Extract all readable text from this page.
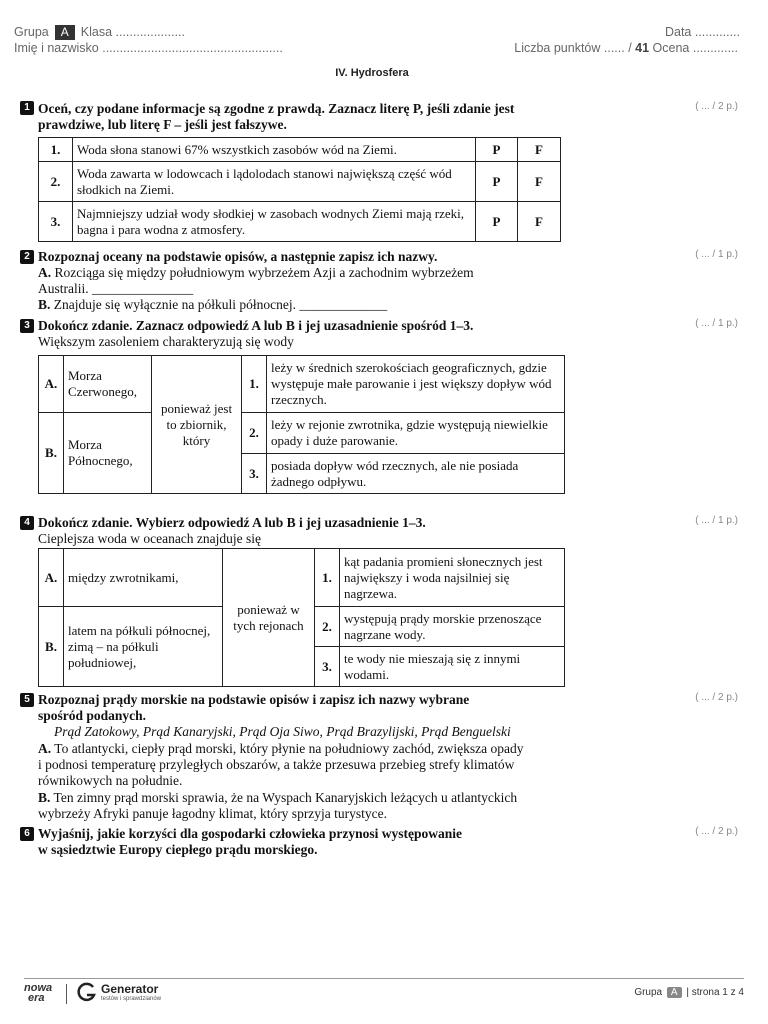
Grupa A Klasa ....................	Data .............
Imię i nazwisko ....................................................	Liczba punktów ...... / 41 Ocena .............
IV. Hydrosfera
1 Oceń, czy podane informacje są zgodne z prawdą. Zaznacz literę P, jeśli zdanie jest
prawdziwe, lub literę F – jeśli jest fałszywe.
( ... / 2 p.)
1.	Woda słona stanowi 67% wszystkich zasobów wód na Ziemi.	P	F
2.	Woda zawarta w lodowcach i lądolodach stanowi największą część wód słodkich na Ziemi.	P	F
3.	Najmniejszy udział wody słodkiej w zasobach wodnych Ziemi mają rzeki, bagna i para wodna z atmosfery.	P	F
2 Rozpoznaj oceany na podstawie opisów, a następnie zapisz ich nazwy.	( ... / 1 p.)
A. Rozciąga się między południowym wybrzeżem Azji a zachodnim wybrzeżem
Australii. _______________
B. Znajduje się wyłącznie na półkuli północnej. _____________
3 Dokończ zdanie. Zaznacz odpowiedź A lub B i jej uzasadnienie spośród 1–3.	( ... / 1 p.)
Większym zasoleniem charakteryzują się wody
A.	Morza Czerwonego,	ponieważ jest to zbiornik, który	1.	leży w średnich szerokościach geograficznych, gdzie występuje małe parowanie i jest większy dopływ wód rzecznych.

B.	Morza Północnego,		2.	leży w rejonie zwrotnika, gdzie występują niewielkie opady i duże parowanie.

			3.	posiada dopływ wód rzecznych, ale nie posiada żadnego odpływu.

4 Dokończ zdanie. Wybierz odpowiedź A lub B i jej uzasadnienie 1–3.	( ... / 1 p.)
Cieplejsza woda w oceanach znajduje się
A.	między zwrotnikami,	ponieważ w tych rejonach	1.	kąt padania promieni słonecznych jest największy i woda najsilniej się nagrzewa.

B.	latem na półkuli północnej, zimą – na półkuli południowej,		2.	występują prądy morskie przenoszące nagrzane wody.

			3.	te wody nie mieszają się z innymi wodami.

5 Rozpoznaj prądy morskie na podstawie opisów i zapisz ich nazwy wybrane
spośród podanych.
( ... / 2 p.)
Prąd Zatokowy, Prąd Kanaryjski, Prąd Oja Siwo, Prąd Brazylijski, Prąd Benguelski
A. To atlantycki, ciepły prąd morski, który płynie na południowy zachód, zwiększa opady
i podnosi temperaturę przyległych obszarów, a także przesuwa przebieg strefy klimatów
równikowych na południe.
B. Ten zimny prąd morski sprawia, że na Wyspach Kanaryjskich leżących u atlantyckich
wybrzeży Afryki panuje łagodny klimat, który sprzyja turystyce.
6 Wyjaśnij, jakie korzyści dla gospodarki człowieka przynosi występowanie
w sąsiedztwie Europy ciepłego prądu morskiego.
( ... / 2 p.)
nowa
era
Generator
testów i sprawdzianów
Grupa A | strona 1 z 4
